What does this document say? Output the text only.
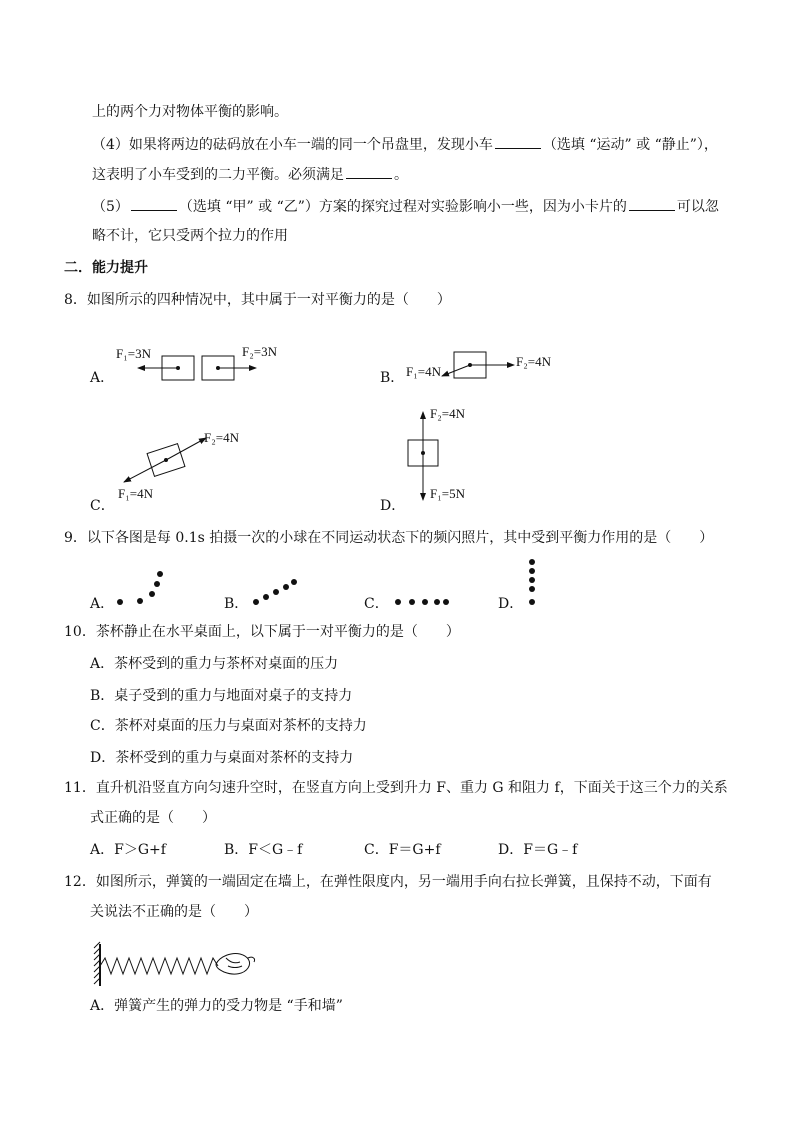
上的两个力对物体平衡的影响。
（4）如果将两边的砝码放在小车一端的同一个吊盘里，发现小车	（选填 “运动” 或 “静止”），
这表明了小车受到的二力平衡。必须满足	。
（5）	（选填 “甲” 或 “乙”）方案的探究过程对实验影响小一些，因为小卡片的	可以忽
略不计，它只受两个拉力的作用
二．能力提升
8．如图所示的四种情况中，其中属于一对平衡力的是（　　）
A．
F₁=3N	F₂=3N
B．
F₂=4N
F₁=4N
C．
F₂=4N
F₁=4N
D．
F₂=4N
F₁=5N
9．以下各图是每 0.1s 拍摄一次的小球在不同运动状态下的频闪照片，其中受到平衡力作用的是（　　）
A．	B．	C．	D．
10．茶杯静止在水平桌面上，以下属于一对平衡力的是（　　）
A．茶杯受到的重力与茶杯对桌面的压力
B．桌子受到的重力与地面对桌子的支持力
C．茶杯对桌面的压力与桌面对茶杯的支持力
D．茶杯受到的重力与桌面对茶杯的支持力
11．直升机沿竖直方向匀速升空时，在竖直方向上受到升力 F、重力 G 和阻力 f，下面关于这三个力的关系
式正确的是（　　）
A．F＞G+f	B．F＜G﹣f	C．F＝G+f	D．F＝G﹣f
12．如图所示，弹簧的一端固定在墙上，在弹性限度内，另一端用手向右拉长弹簧，且保持不动，下面有
关说法不正确的是（　　）
A．弹簧产生的弹力的受力物是 “手和墙”
